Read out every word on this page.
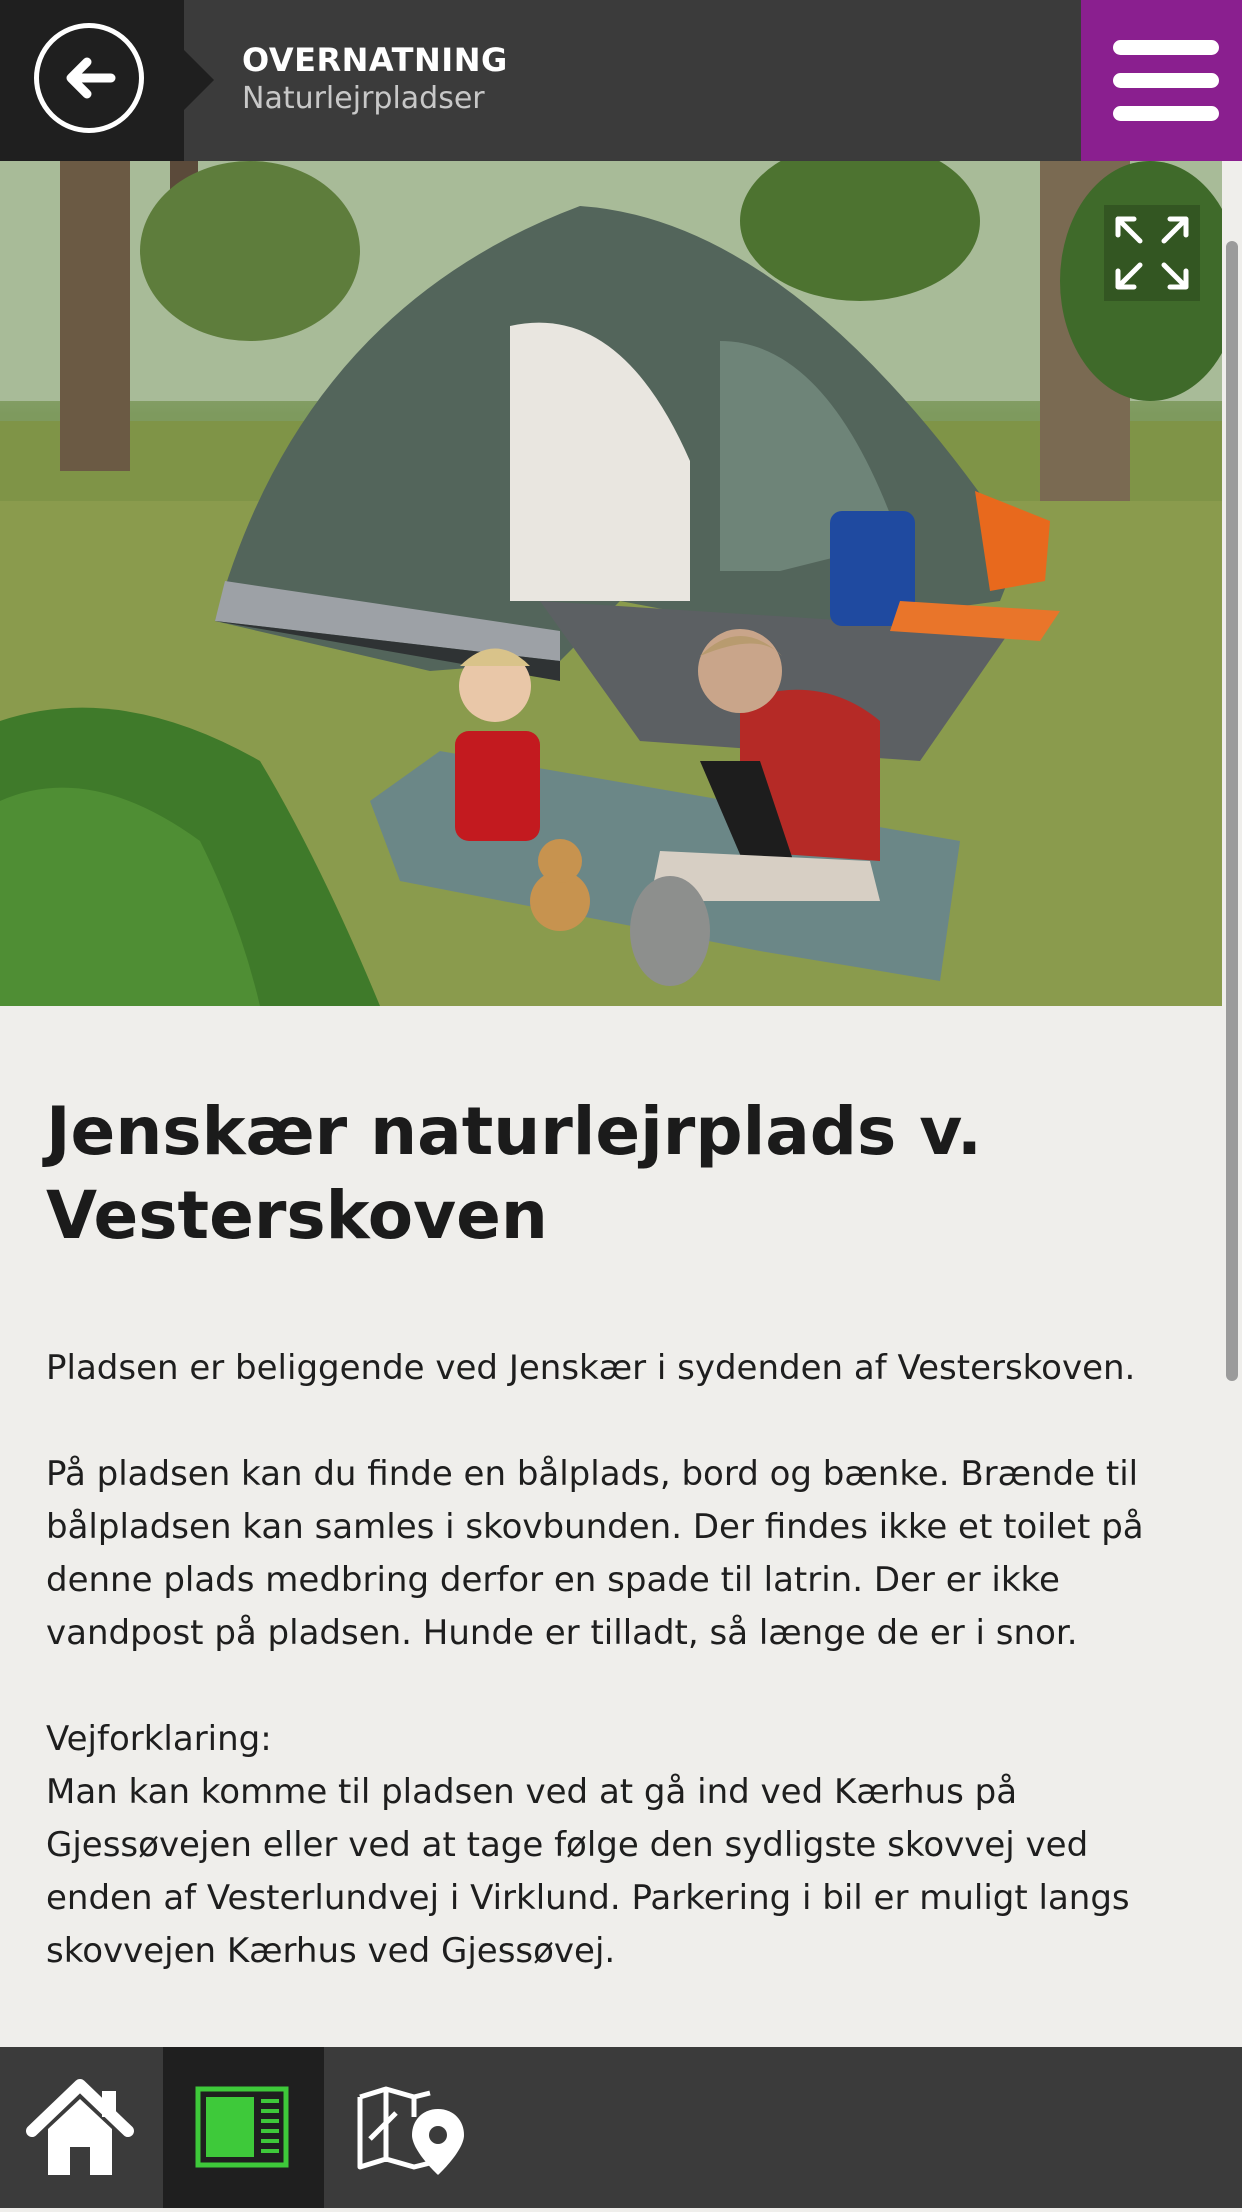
OVERNATNING
Naturlejrpladser
Jenskær naturlejrplads v. Vesterskoven

Pladsen er beliggende ved Jenskær i sydenden af Vesterskoven.

På pladsen kan du finde en bålplads, bord og bænke. Brænde til bålpladsen kan samles i skovbunden. Der findes ikke et toilet på denne plads medbring derfor en spade til latrin. Der er ikke vandpost på pladsen. Hunde er tilladt, så længe de er i snor.

Vejforklaring:

Man kan komme til pladsen ved at gå ind ved Kærhus på Gjessøvejen eller ved at tage følge den sydligste skovvej ved enden af Vesterlundvej i Virklund. Parkering i bil er muligt langs skovvejen Kærhus ved Gjessøvej.
